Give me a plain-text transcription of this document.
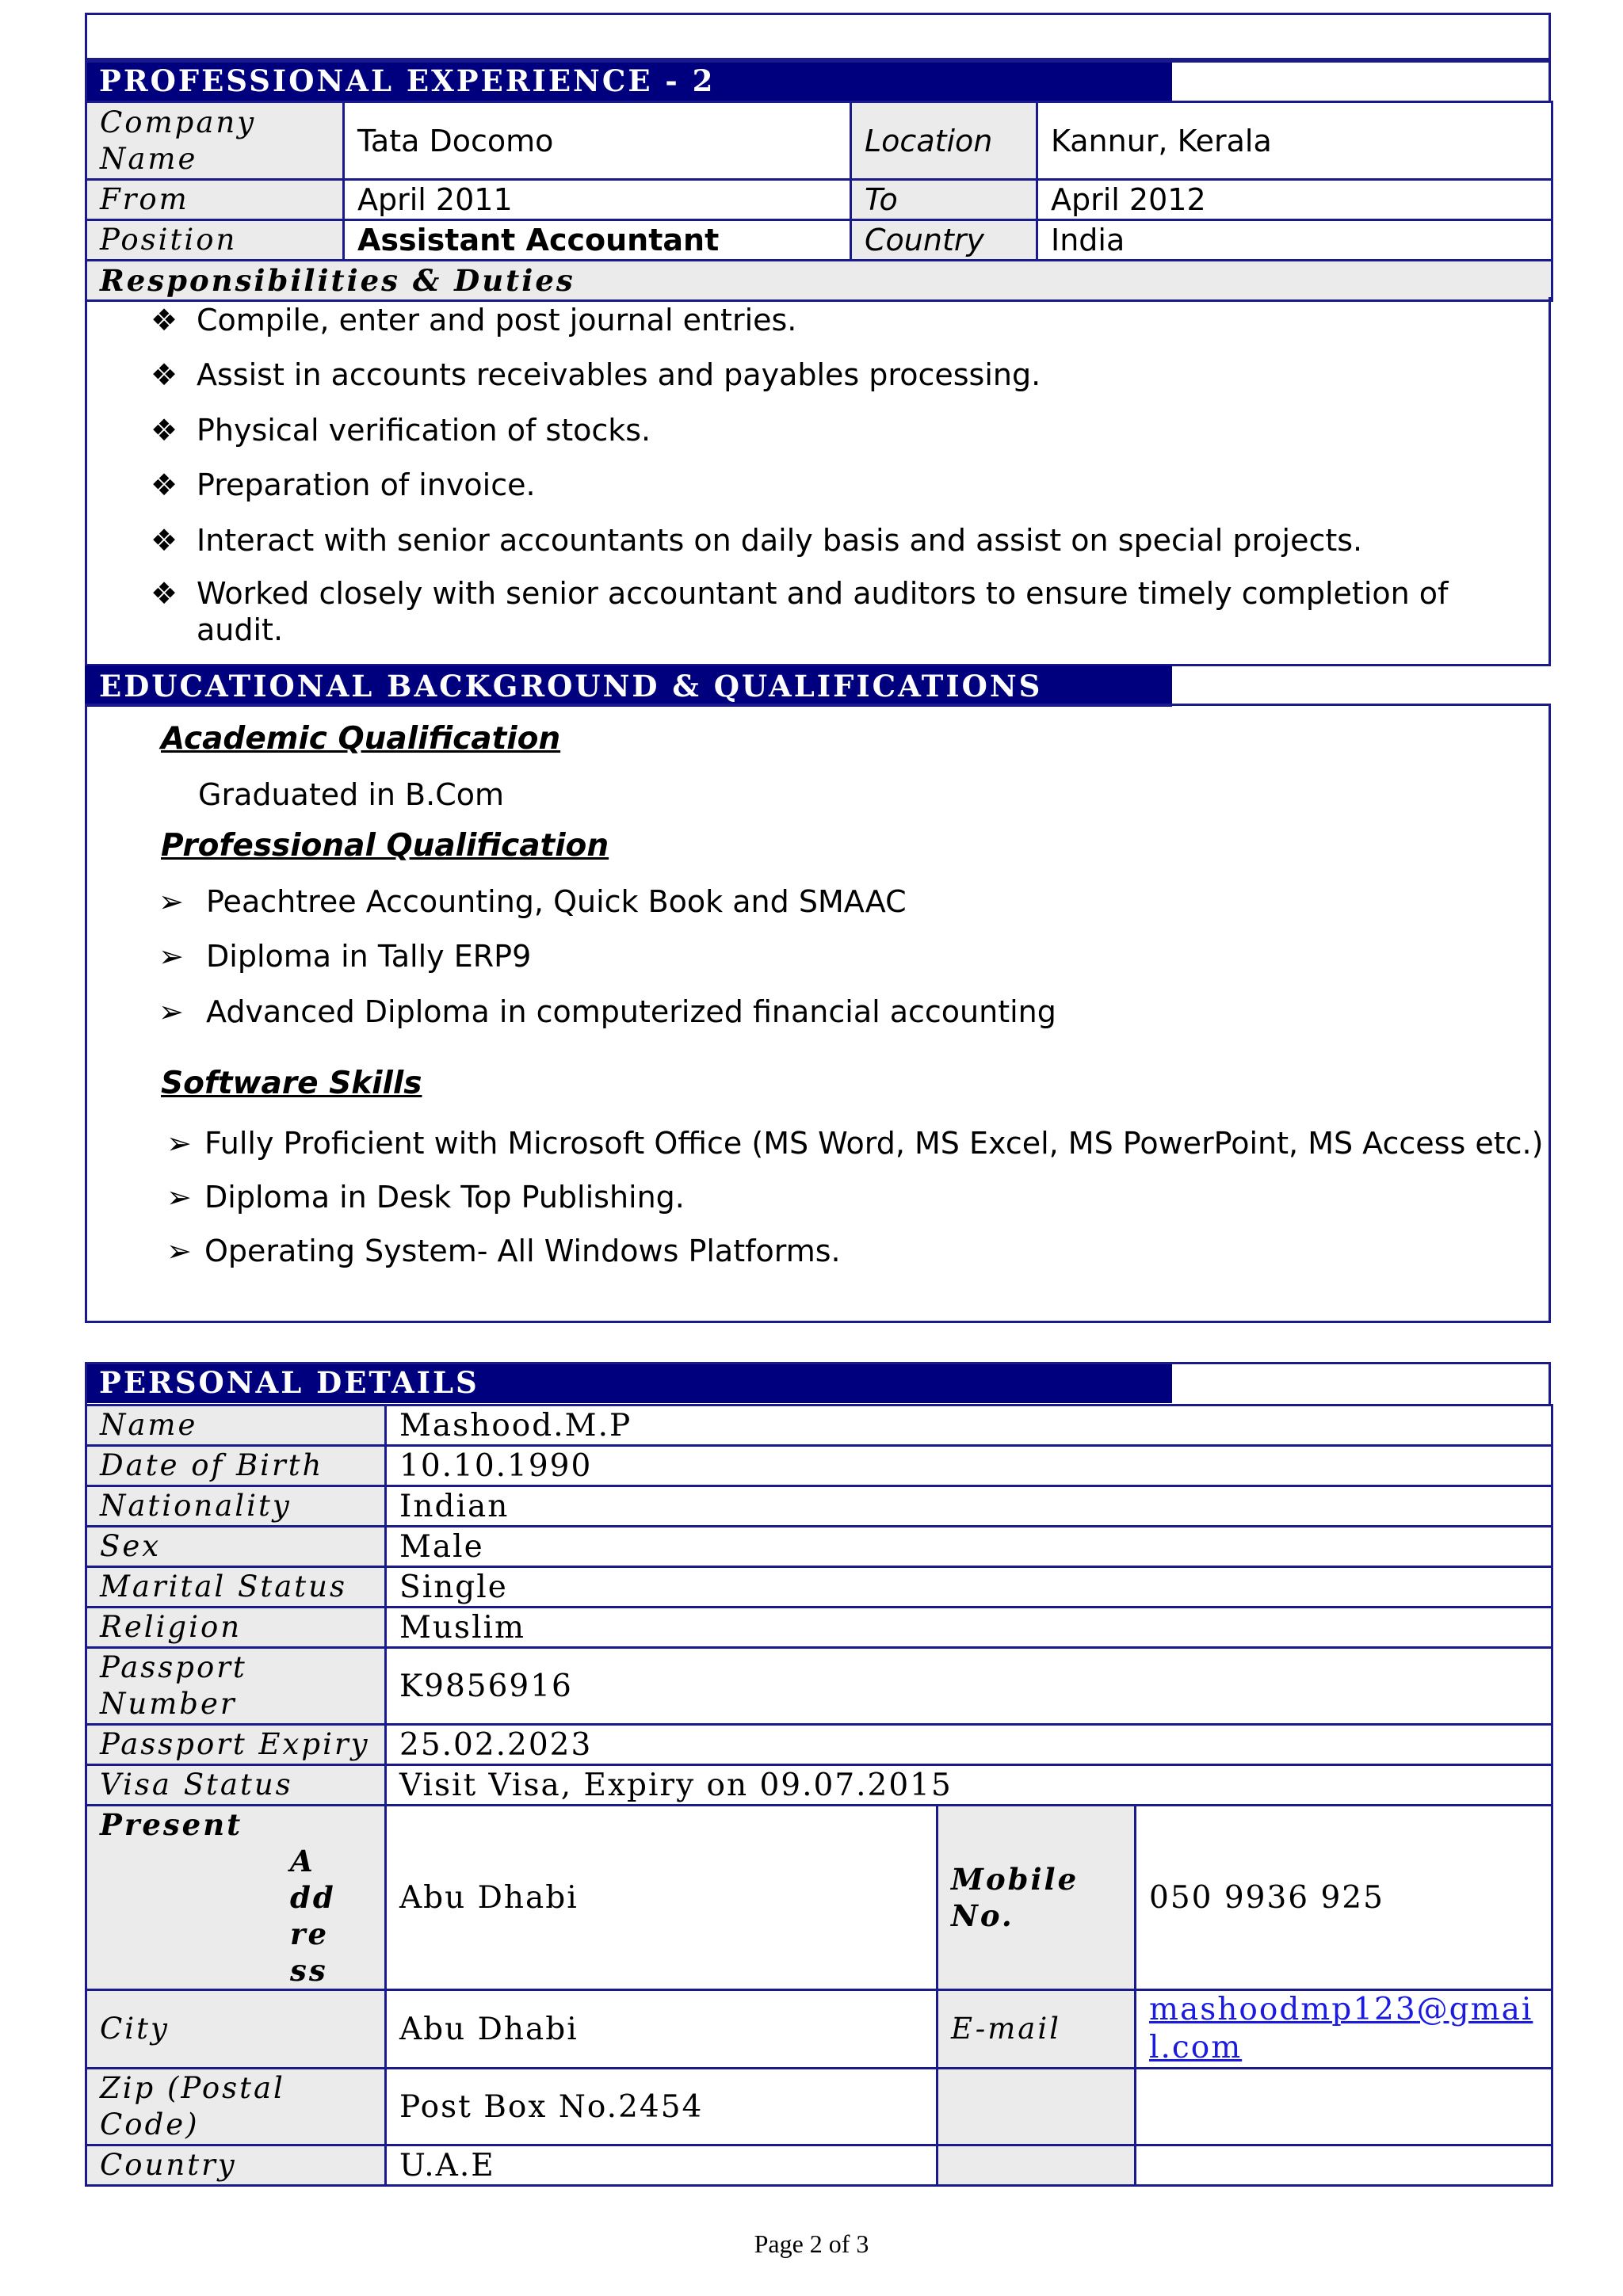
PROFESSIONAL EXPERIENCE - 2
Company Name	Tata Docomo	Location	Kannur, Kerala
From	April 2011	To	April 2012
Position	Assistant Accountant	Country	India
Responsibilities & Duties			
❖ Compile, enter and post journal entries.
❖ Assist in accounts receivables and payables processing.
❖ Physical verification of stocks.
❖ Preparation of invoice.
❖ Interact with senior accountants on daily basis and assist on special projects.
❖ Worked closely with senior accountant and auditors to ensure timely completion of audit.
EDUCATIONAL BACKGROUND & QUALIFICATIONS
Academic Qualification
Graduated in B.Com
Professional Qualification
➢ Peachtree Accounting, Quick Book and SMAAC
➢ Diploma in Tally ERP9
➢ Advanced Diploma in computerized financial accounting
Software Skills
➢ Fully Proficient with Microsoft Office (MS Word, MS Excel, MS PowerPoint, MS Access etc.)
➢ Diploma in Desk Top Publishing.
➢ Operating System- All Windows Platforms.
PERSONAL DETAILS
Name	Mashood.M.P		
Date of Birth	10.10.1990		
Nationality	Indian		
Sex	Male		
Marital Status	Single		
Religion	Muslim		
Passport Number	K9856916		
Passport Expiry	25.02.2023		
Visa Status	Visit Visa, Expiry on 09.07.2015		

Present
Address	Abu Dhabi	Mobile No.	050 9936 925
City	Abu Dhabi	E-mail	mashoodmp123@gmail.com
Zip (Postal Code)	Post Box No.2454		
Country	U.A.E		
Page 2 of 3
